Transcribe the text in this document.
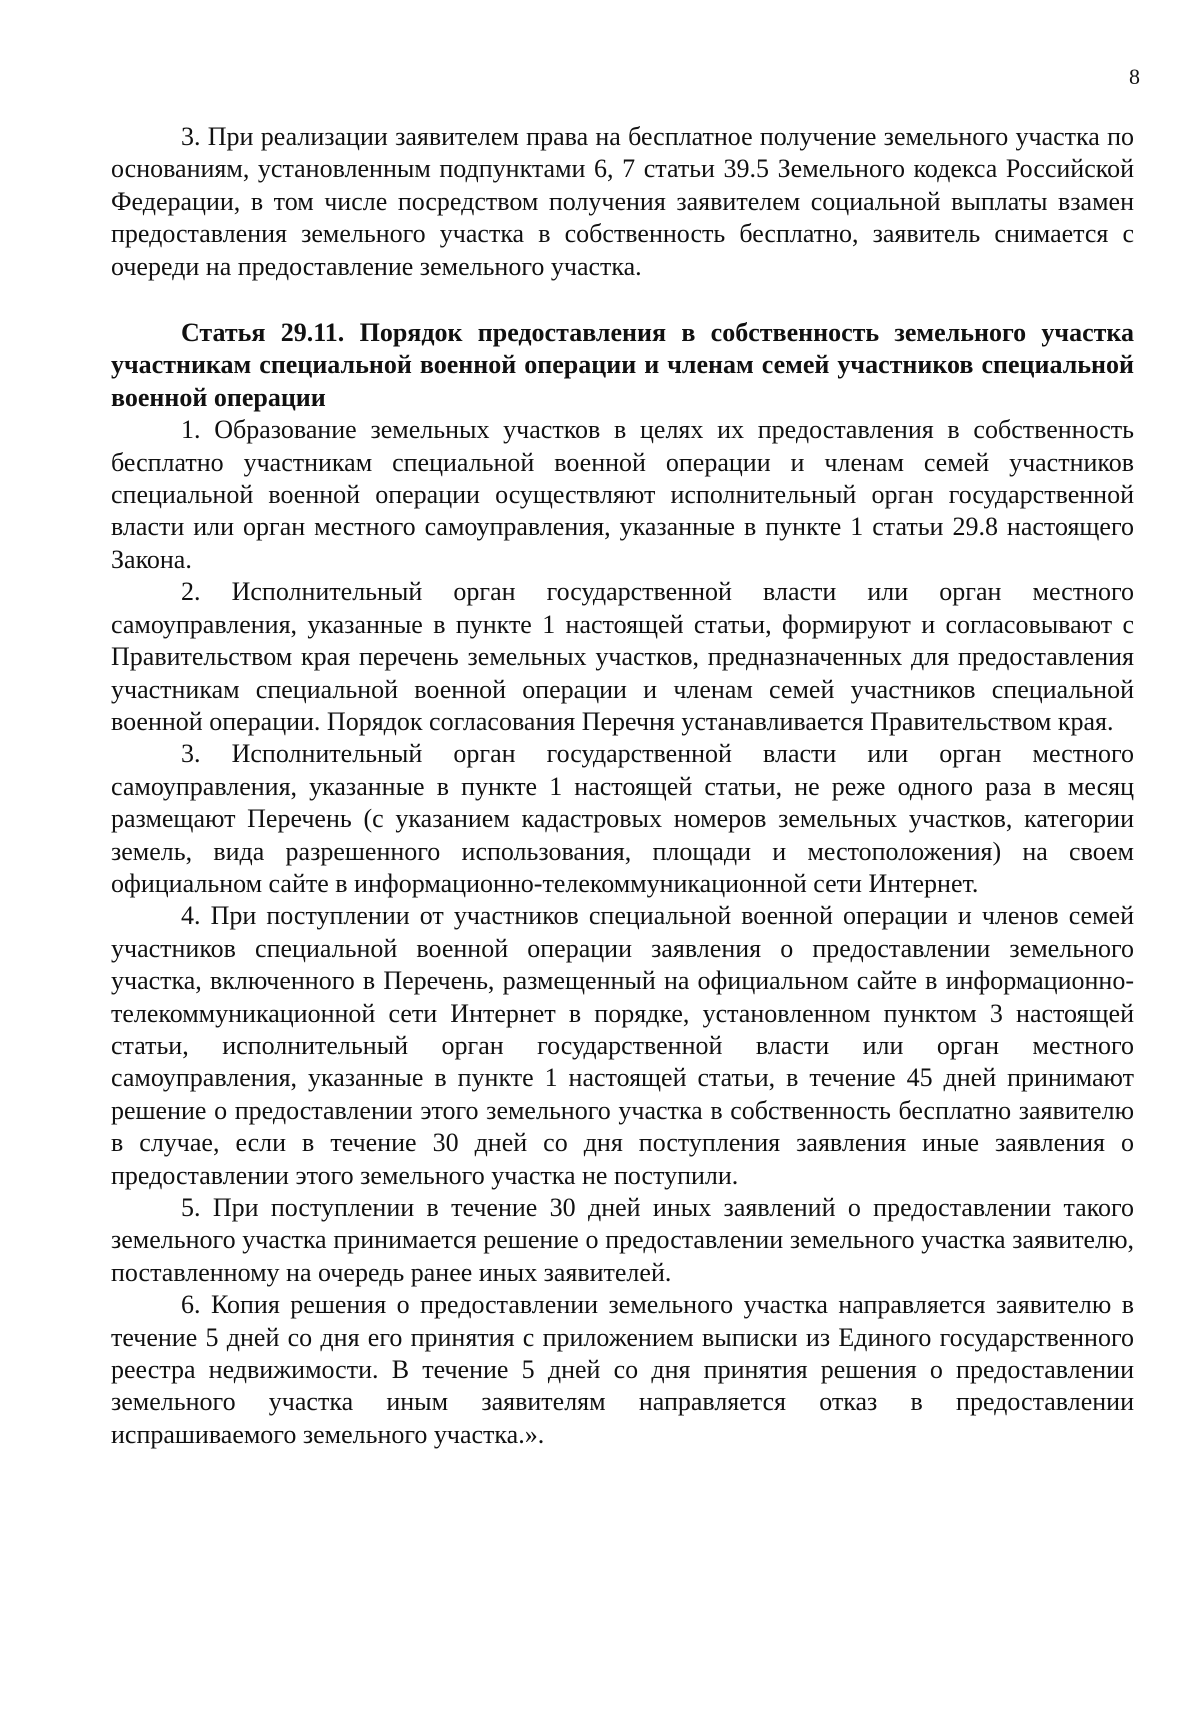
8

3. При реализации заявителем права на бесплатное получение земельного участка по основаниям, установленным подпунктами 6, 7 статьи 39.5 Земельного кодекса Российской Федерации, в том числе посредством получения заявителем социальной выплаты взамен предоставления земельного участка в собственность бесплатно, заявитель снимается с очереди на предоставление земельного участка.

Статья 29.11. Порядок предоставления в собственность земельного участка участникам специальной военной операции и членам семей участников специальной военной операции

1. Образование земельных участков в целях их предоставления в собственность бесплатно участникам специальной военной операции и членам семей участников специальной военной операции осуществляют исполнительный орган государственной власти или орган местного самоуправления, указанные в пункте 1 статьи 29.8 настоящего Закона.

2. Исполнительный орган государственной власти или орган местного самоуправления, указанные в пункте 1 настоящей статьи, формируют и согласовывают с Правительством края перечень земельных участков, предназначенных для предоставления участникам специальной военной операции и членам семей участников специальной военной операции. Порядок согласования Перечня устанавливается Правительством края.

3. Исполнительный орган государственной власти или орган местного самоуправления, указанные в пункте 1 настоящей статьи, не реже одного раза в месяц размещают Перечень (с указанием кадастровых номеров земельных участков, категории земель, вида разрешенного использования, площади и местоположения) на своем официальном сайте в информационно-телекоммуникационной сети Интернет.

4. При поступлении от участников специальной военной операции и членов семей участников специальной военной операции заявления о предоставлении земельного участка, включенного в Перечень, размещенный на официальном сайте в информационно-телекоммуникационной сети Интернет в порядке, установленном пунктом 3 настоящей статьи, исполнительный орган государственной власти или орган местного самоуправления, указанные в пункте 1 настоящей статьи, в течение 45 дней принимают решение о предоставлении этого земельного участка в собственность бесплатно заявителю в случае, если в течение 30 дней со дня поступления заявления иные заявления о предоставлении этого земельного участка не поступили.

5. При поступлении в течение 30 дней иных заявлений о предоставлении такого земельного участка принимается решение о предоставлении земельного участка заявителю, поставленному на очередь ранее иных заявителей.

6. Копия решения о предоставлении земельного участка направляется заявителю в течение 5 дней со дня его принятия с приложением выписки из Единого государственного реестра недвижимости. В течение 5 дней со дня принятия решения о предоставлении земельного участка иным заявителям направляется отказ в предоставлении испрашиваемого земельного участка.».
